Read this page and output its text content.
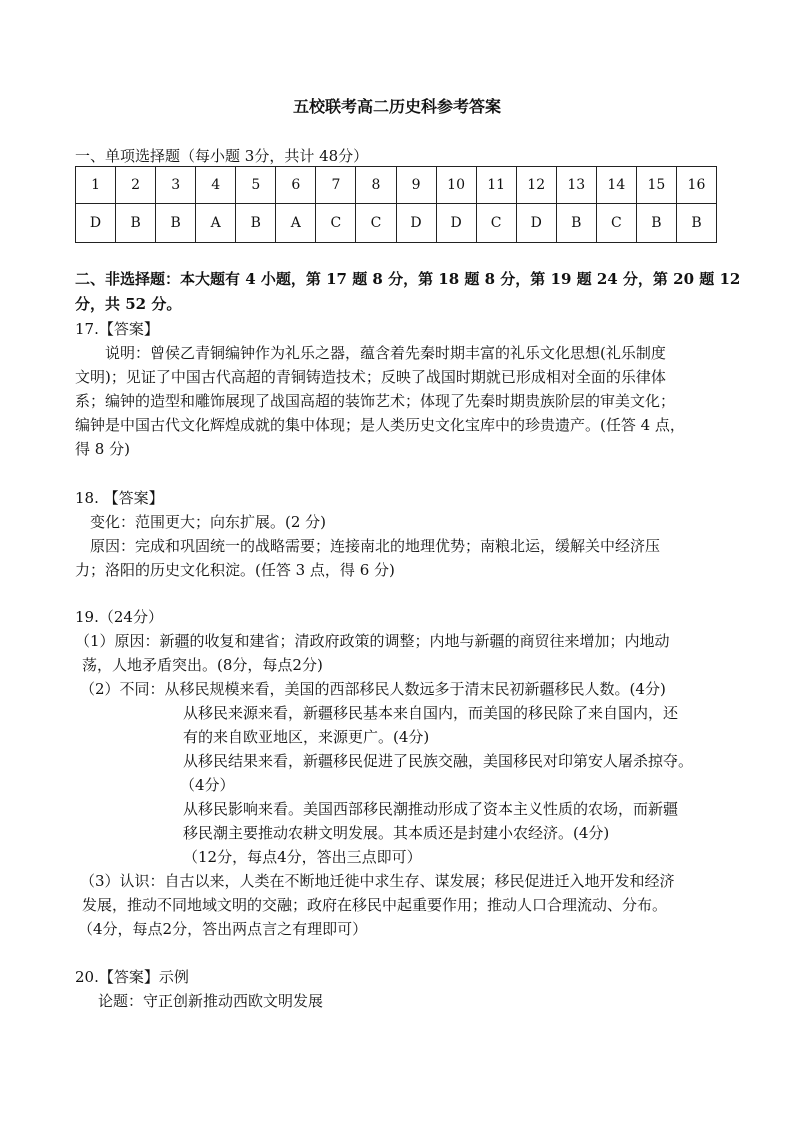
五校联考高二历史科参考答案
一、单项选择题（每小题 3分，共计 48分）
1	2	3	4	5	6	7	8	9	10	11	12	13	14	15	16
D	B	B	A	B	A	C	C	D	D	C	D	B	C	B	B
二、非选择题：本大题有 4 小题，第 17 题 8 分，第 18 题 8 分，第 19 题 24 分，第 20 题 12
分，共 52 分。
17.【答案】
说明：曾侯乙青铜编钟作为礼乐之器，蕴含着先秦时期丰富的礼乐文化思想(礼乐制度
文明)；见证了中国古代高超的青铜铸造技术；反映了战国时期就已形成相对全面的乐律体
系；编钟的造型和雕饰展现了战国高超的装饰艺术；体现了先秦时期贵族阶层的审美文化；
编钟是中国古代文化辉煌成就的集中体现；是人类历史文化宝库中的珍贵遗产。(任答 4 点，
得 8 分)
18. 【答案】
变化：范围更大；向东扩展。(2 分)
原因：完成和巩固统一的战略需要；连接南北的地理优势；南粮北运，缓解关中经济压
力；洛阳的历史文化积淀。(任答 3 点，得 6 分)
19.（24分）
（1）原因：新疆的收复和建省；清政府政策的调整；内地与新疆的商贸往来增加；内地动
荡，人地矛盾突出。(8分，每点2分)
（2）不同：从移民规模来看，美国的西部移民人数远多于清末民初新疆移民人数。(4分)
从移民来源来看，新疆移民基本来自国内，而美国的移民除了来自国内，还
有的来自欧亚地区，来源更广。(4分)
从移民结果来看，新疆移民促进了民族交融，美国移民对印第安人屠杀掠夺。
（4分）
从移民影响来看。美国西部移民潮推动形成了资本主义性质的农场，而新疆
移民潮主要推动农耕文明发展。其本质还是封建小农经济。(4分)
（12分，每点4分，答出三点即可）
（3）认识：自古以来，人类在不断地迁徙中求生存、谋发展；移民促进迁入地开发和经济
发展，推动不同地域文明的交融；政府在移民中起重要作用；推动人口合理流动、分布。
（4分，每点2分，答出两点言之有理即可）
20.【答案】示例
论题：守正创新推动西欧文明发展
